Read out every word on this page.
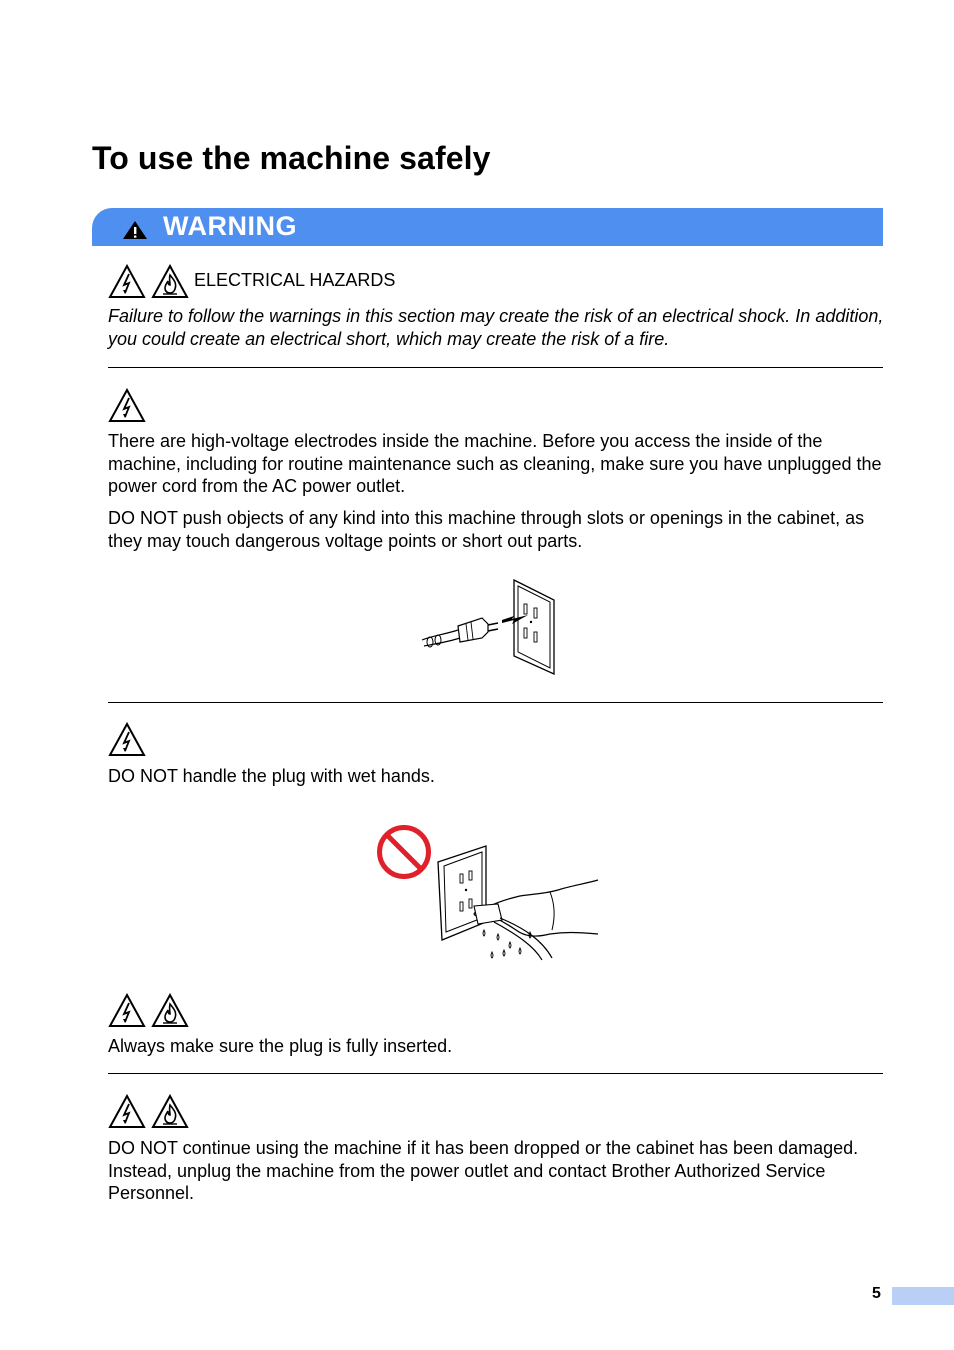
To use the machine safely
WARNING
ELECTRICAL HAZARDS

Failure to follow the warnings in this section may create the risk of an electrical shock. In addition, you could create an electrical short, which may create the risk of a fire.

There are high-voltage electrodes inside the machine. Before you access the inside of the machine, including for routine maintenance such as cleaning, make sure you have unplugged the power cord from the AC power outlet.

DO NOT push objects of any kind into this machine through slots or openings in the cabinet, as they may touch dangerous voltage points or short out parts.

DO NOT handle the plug with wet hands.

Always make sure the plug is fully inserted.

DO NOT continue using the machine if it has been dropped or the cabinet has been damaged. Instead, unplug the machine from the power outlet and contact Brother Authorized Service Personnel.

5
